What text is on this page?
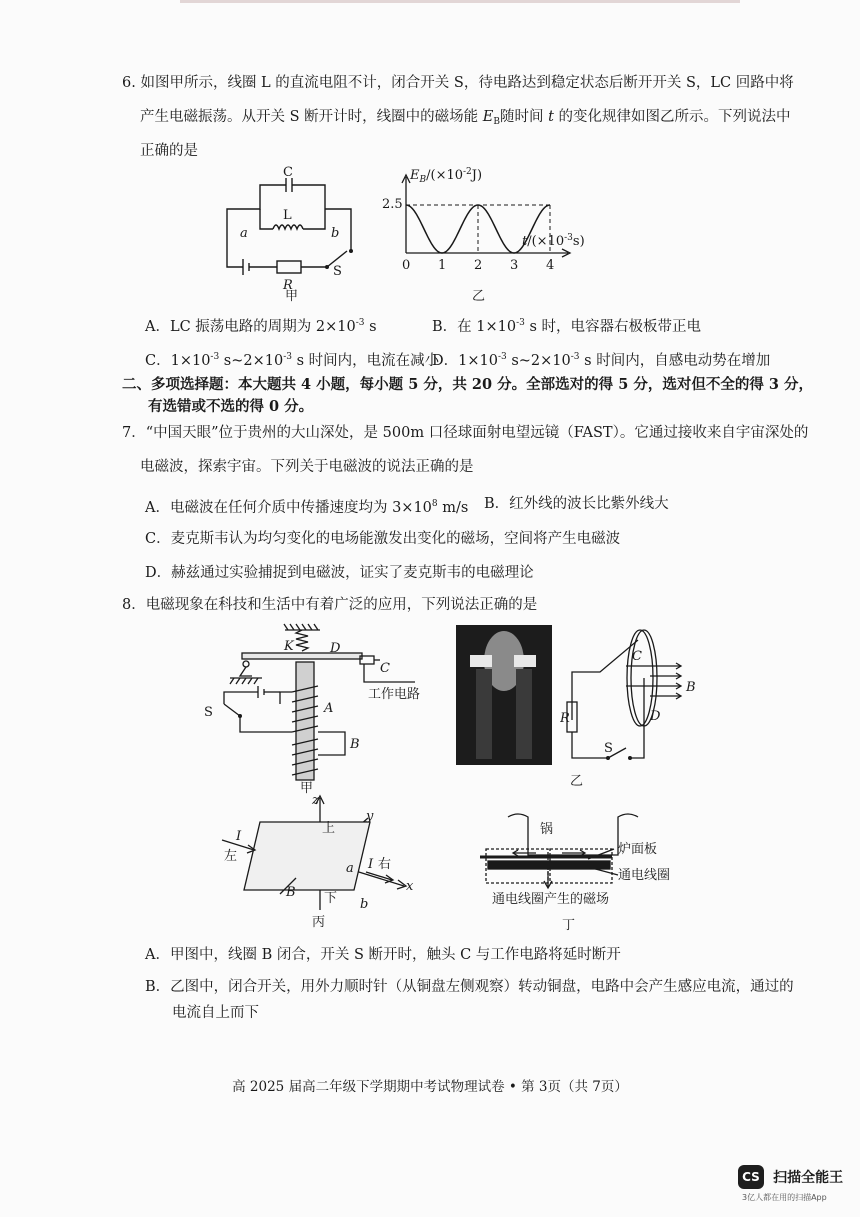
6. 如图甲所示，线圈 L 的直流电阻不计，闭合开关 S，待电路达到稳定状态后断开开关 S，LC 回路中将
产生电磁振荡。从开关 S 断开计时，线圈中的磁场能 $E_B$随时间 t 的变化规律如图乙所示。下列说法中
正确的是
C
L
a	b
R
S
甲
$E_B/(\times 10^{-2}J)$
2.5
$t/(\times 10^{-3}s)$
0 1 2 3 4
乙
A．LC 振荡电路的周期为 $2\times 10^{-3}$ s	B．在 $1\times 10^{-3}$ s 时，电容器右极板带正电
C．$1\times 10^{-3}$ $s\sim 2\times 10^{-3}$ s 时间内，电流在减小
D．$1\times 10^{-3}$ $s\sim 2\times 10^{-3}$ s 时间内，自感电动势在增加
二、多项选择题：本大题共 4 小题，每小题 5 分，共 20 分。全部选对的得 5 分，选对但不全的得 3 分，
有选错或不选的得 0 分。
7．“中国天眼”位于贵州的大山深处，是 500m 口径球面射电望远镜（FAST）。它通过接收来自宇宙深处的
电磁波，探索宇宙。下列关于电磁波的说法正确的是
A．电磁波在任何介质中传播速度均为 $3\times 10^8$ m/s B．红外线的波长比紫外线大
C．麦克斯韦认为均匀变化的电场能激发出变化的磁场，空间将产生电磁波
D．赫兹通过实验捕捉到电磁波，证实了麦克斯韦的电磁理论
8．电磁现象在科技和生活中有着广泛的应用，下列说法正确的是
K	D
C
工作电路
S	A
B
甲
C
B
R	D
S
乙
z
上
y
I
左
a I 右
x
B 下 b
丙
锅
炉面板
通电线圈
通电线圈产生的磁场
丁
A．甲图中，线圈 B 闭合，开关 S 断开时，触头 C 与工作电路将延时断开
B．乙图中，闭合开关，用外力顺时针（从铜盘左侧观察）转动铜盘，电路中会产生感应电流，通过的
电流自上而下
高 2025 届高二年级下学期期中考试物理试卷 • 第 3页（共 7页）
CS 扫描全能王
3亿人都在用的扫描App
